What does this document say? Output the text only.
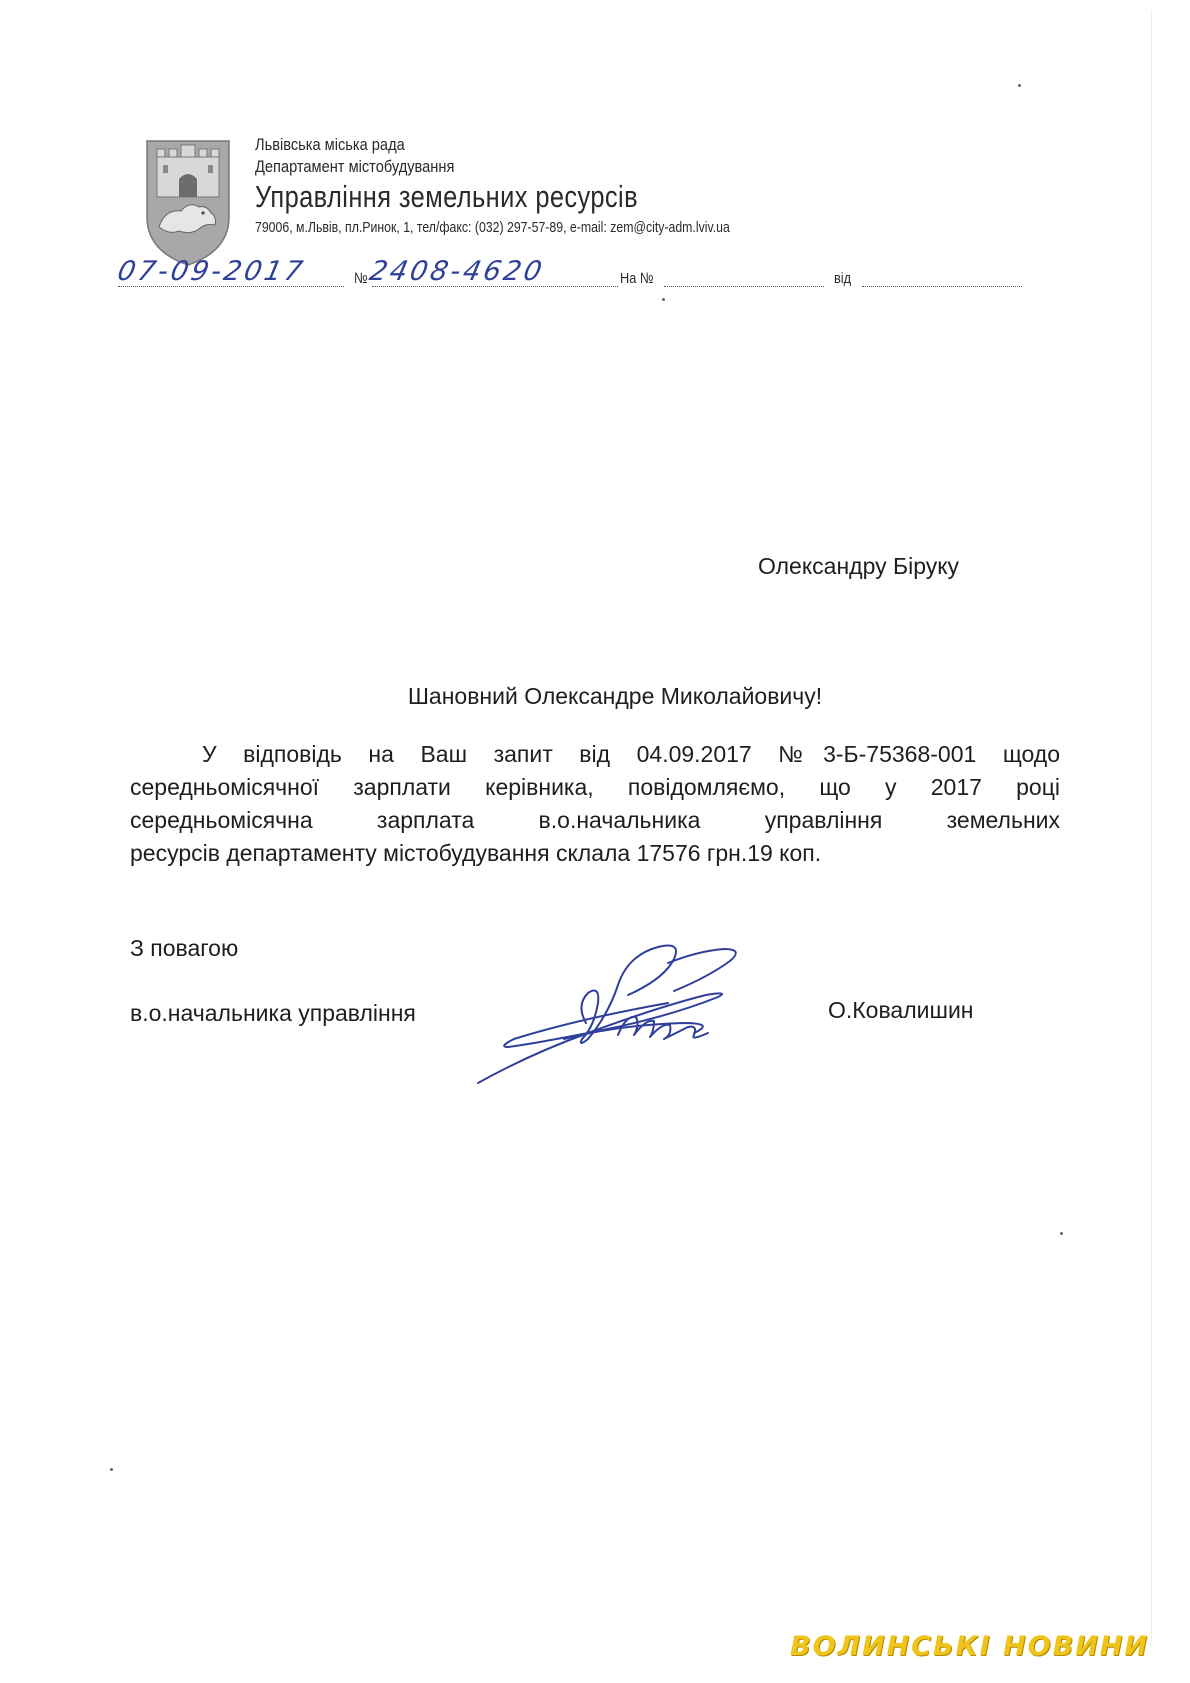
Львівська міська рада
Департамент містобудування
Управління земельних ресурсів
79006, м.Львів, пл.Ринок, 1, тел/факс: (032) 297-57-89, e-mail: zem@city-adm.lviv.ua
07-09-2017	№ 2408-4620	На №	від
Олександру Біруку
Шановний Олександре Миколайовичу!
У відповідь на Ваш запит від 04.09.2017 №3-Б-75368-001 щодо
середньомісячної зарплати керівника, повідомляємо, що у 2017 році
середньомісячна зарплата в.о.начальника управління земельних
ресурсів департаменту містобудування склала 17576 грн.19 коп.
З повагою
в.о.начальника управління	О.Ковалишин
ВОЛИНСЬКІ НОВИНИ
